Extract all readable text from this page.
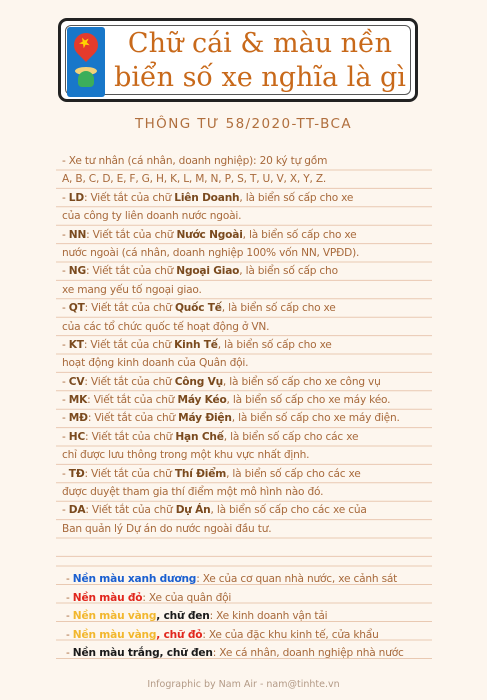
★	Chữ cái & màu nền
biển số xe nghĩa là gì
THÔNG TƯ 58/2020-TT-BCA
- Xe tư nhân (cá nhân, doanh nghiệp): 20 ký tự gồm
A, B, C, D, E, F, G, H, K, L, M, N, P, S, T, U, V, X, Y, Z.
- LD: Viết tắt của chữ Liên Doanh, là biển số cấp cho xe
của công ty liên doanh nước ngoài.
- NN: Viết tắt của chữ Nước Ngoài, là biển số cấp cho xe
nước ngoài (cá nhân, doanh nghiệp 100% vốn NN, VPĐD).
- NG: Viết tắt của chữ Ngoại Giao, là biển số cấp cho
xe mang yếu tố ngoại giao.
- QT: Viết tắt của chữ Quốc Tế, là biển số cấp cho xe
của các tổ chức quốc tế hoạt động ở VN.
- KT: Viết tắt của chữ Kinh Tế, là biển số cấp cho xe
hoạt động kinh doanh của Quân đội.
- CV: Viết tắt của chữ Công Vụ, là biển số cấp cho xe công vụ
- MK: Viết tắt của chữ Máy Kéo, là biển số cấp cho xe máy kéo.
- MĐ: Viết tắt của chữ Máy Điện, là biển số cấp cho xe máy điện.
- HC: Viết tắt của chữ Hạn Chế, là biển số cấp cho các xe
chỉ được lưu thông trong một khu vực nhất định.
- TĐ: Viết tắt của chữ Thí Điểm, là biển số cấp cho các xe
được duyệt tham gia thí điểm một mô hình nào đó.
- DA: Viết tắt của chữ Dự Án, là biển số cấp cho các xe của
Ban quản lý Dự án do nước ngoài đầu tư.
- Nền màu xanh dương: Xe của cơ quan nhà nước, xe cảnh sát
- Nền màu đỏ: Xe của quân đội
- Nền màu vàng, chữ đen: Xe kinh doanh vận tải
- Nền màu vàng, chữ đỏ: Xe của đặc khu kinh tế, cửa khẩu
- Nền màu trắng, chữ đen: Xe cá nhân, doanh nghiệp nhà nước
Infographic by Nam Air - nam@tinhte.vn
